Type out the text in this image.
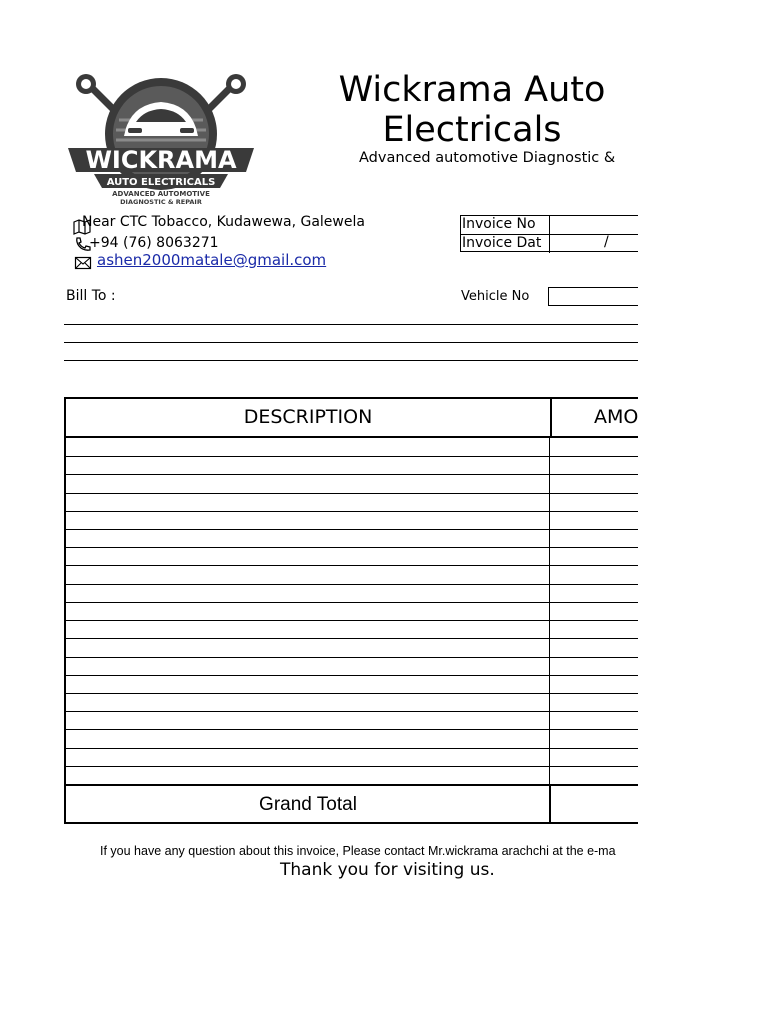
WICKRAMA
AUTO ELECTRICALS
ADVANCED AUTOMOTIVE
DIAGNOSTIC & REPAIR
Wickrama Auto
Electricals
Advanced automotive Diagnostic &
Near CTC Tobacco, Kudawewa, Galewela
+94 (76) 8063271
ashen2000matale@gmail.com
Invoice No
Invoice Dat	/
Bill To :	Vehicle No
DESCRIPTION	AMO
Grand Total
If you have any question about this invoice, Please contact Mr.wickrama arachchi at the e-ma
Thank you for visiting us.
